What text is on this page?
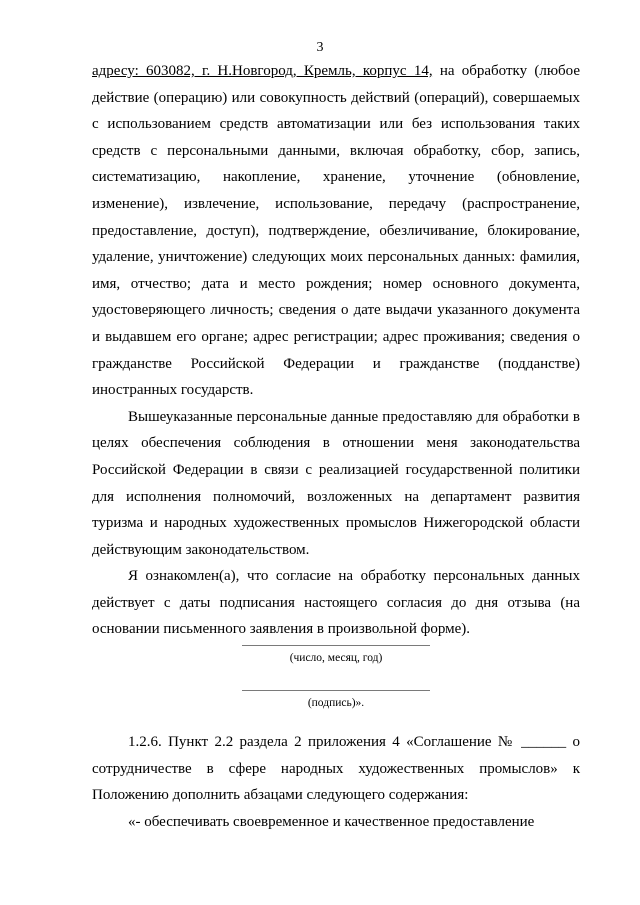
3

адресу: 603082, г. Н.Новгород, Кремль, корпус 14, на обработку (любое действие (операцию) или совокупность действий (операций), совершаемых с использованием средств автоматизации или без использования таких средств с персональными данными, включая обработку, сбор, запись, систематизацию, накопление, хранение, уточнение (обновление, изменение), извлечение, использование, передачу (распространение, предоставление, доступ), подтверждение, обезличивание, блокирование, удаление, уничтожение) следующих моих персональных данных: фамилия, имя, отчество; дата и место рождения; номер основного документа, удостоверяющего личность; сведения о дате выдачи указанного документа и выдавшем его органе; адрес регистрации; адрес проживания; сведения о гражданстве Российской Федерации и гражданстве (подданстве) иностранных государств.

Вышеуказанные персональные данные предоставляю для обработки в целях обеспечения соблюдения в отношении меня законодательства Российской Федерации в связи с реализацией государственной политики для исполнения полномочий, возложенных на департамент развития туризма и народных художественных промыслов Нижегородской области действующим законодательством.

Я ознакомлен(а), что согласие на обработку персональных данных действует с даты подписания настоящего согласия до дня отзыва (на основании письменного заявления в произвольной форме).

(число, месяц, год)
(подпись)».

1.2.6. Пункт 2.2 раздела 2 приложения 4 «Соглашение № ______ о сотрудничестве в сфере народных художественных промыслов» к Положению дополнить абзацами следующего содержания:

«- обеспечивать своевременное и качественное предоставление
